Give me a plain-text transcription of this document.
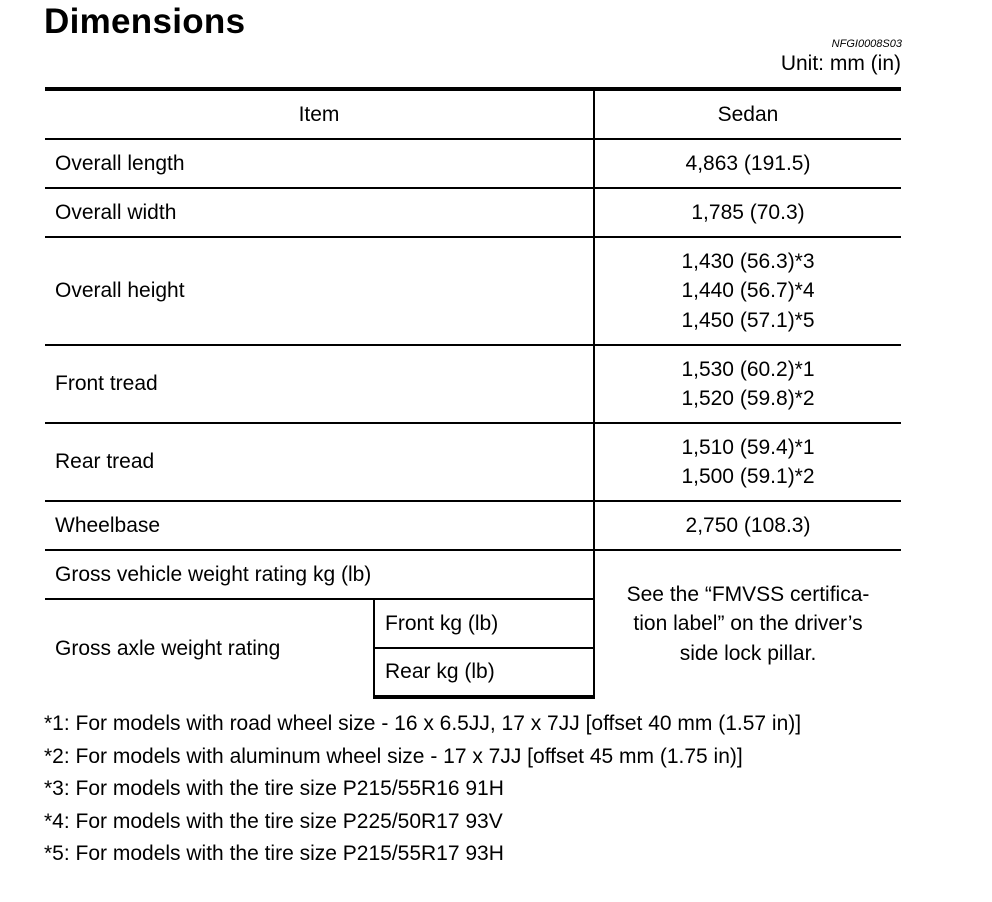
Dimensions
NFGI0008S03
Unit: mm (in)
Item		Sedan
Overall length		4,863 (191.5)

Overall width		1,785 (70.3)

Overall height		1,430 (56.3)*3
1,440 (56.7)*4
1,450 (57.1)*5

Front tread		1,530 (60.2)*1
1,520 (59.8)*2

Rear tread		1,510 (59.4)*1
1,500 (59.1)*2

Wheelbase		2,750 (108.3)

Gross vehicle weight rating kg (lb)		See the “FMVSS certifica-
tion label” on the driver’s
side lock pillar.

Gross axle weight rating	Front kg (lb)	
	Rear kg (lb)	
*1: For models with road wheel size - 16 x 6.5JJ, 17 x 7JJ [offset 40 mm (1.57 in)]
*2: For models with aluminum wheel size - 17 x 7JJ [offset 45 mm (1.75 in)]
*3: For models with the tire size P215/55R16 91H
*4: For models with the tire size P225/50R17 93V
*5: For models with the tire size P215/55R17 93H
